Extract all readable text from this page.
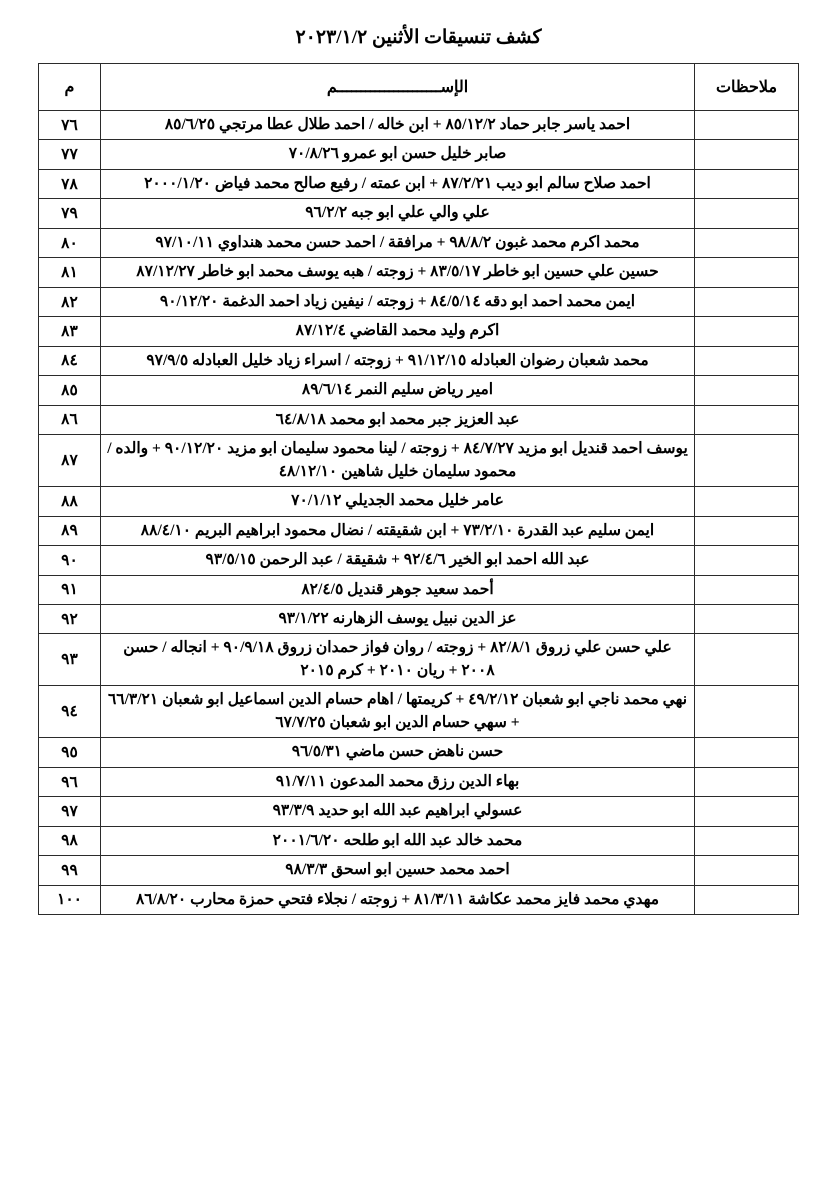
كشف تنسيقات الأثنين ٢٠٢٣/١/٢
ملاحظات	الإســــــــــــــــــــــم	م
	احمد ياسر جابر حماد ٨٥/١٢/٢ + ابن خاله / احمد طلال عطا مرتجي ٨٥/٦/٢٥	٧٦
	صابر خليل حسن ابو عمرو ٧٠/٨/٢٦	٧٧
	احمد صلاح سالم ابو ديب ٨٧/٢/٢١ + ابن عمته / رفيع صالح محمد فياض ٢٠٠٠/١/٢٠	٧٨
	علي والي علي ابو جبه ٩٦/٢/٢	٧٩
	محمد اكرم محمد غبون ٩٨/٨/٢ + مرافقة / احمد حسن محمد هنداوي ٩٧/١٠/١١	٨٠
	حسين علي حسين ابو خاطر ٨٣/٥/١٧ + زوجته / هبه يوسف محمد ابو خاطر ٨٧/١٢/٢٧	٨١
	ايمن محمد احمد ابو دقه ٨٤/٥/١٤ + زوجته / نيفين زياد احمد الدغمة ٩٠/١٢/٢٠	٨٢
	اكرم وليد محمد القاضي ٨٧/١٢/٤	٨٣
	محمد شعبان رضوان العبادله ٩١/١٢/١٥ + زوجته / اسراء زياد خليل العبادله ٩٧/٩/٥	٨٤
	امير رياض سليم النمر ٨٩/٦/١٤	٨٥
	عبد العزيز جبر محمد ابو محمد ٦٤/٨/١٨	٨٦
	يوسف احمد قنديل ابو مزيد ٨٤/٧/٢٧ + زوجته / لينا محمود سليمان ابو مزيد ٩٠/١٢/٢٠ + والده / محمود سليمان خليل شاهين ٤٨/١٢/١٠	٨٧
	عامر خليل محمد الجديلي ٧٠/١/١٢	٨٨
	ايمن سليم عبد القدرة ٧٣/٢/١٠ + ابن شقيقته / نضال محمود ابراهيم البريم ٨٨/٤/١٠	٨٩
	عبد الله احمد ابو الخير ٩٢/٤/٦ + شقيقة / عبد الرحمن ٩٣/٥/١٥	٩٠
	أحمد سعيد جوهر قنديل ٨٢/٤/٥	٩١
	عز الدين نبيل يوسف الزهارنه ٩٣/١/٢٢	٩٢
	علي حسن علي زروق ٨٢/٨/١ + زوجته / روان فواز حمدان زروق ٩٠/٩/١٨ + انجاله / حسن ٢٠٠٨ + ريان ٢٠١٠ + كرم ٢٠١٥	٩٣
	نهي محمد ناجي ابو شعبان ٤٩/٢/١٢ + كريمتها / اهام حسام الدين اسماعيل ابو شعبان ٦٦/٣/٢١ + سهي حسام الدين ابو شعبان ٦٧/٧/٢٥	٩٤
	حسن ناهض حسن ماضي ٩٦/٥/٣١	٩٥
	بهاء الدين رزق محمد المدعون ٩١/٧/١١	٩٦
	عسولي ابراهيم عبد الله ابو حديد ٩٣/٣/٩	٩٧
	محمد خالد عبد الله ابو طلحه ٢٠٠١/٦/٢٠	٩٨
	احمد محمد حسين ابو اسحق ٩٨/٣/٣	٩٩
	مهدي محمد فايز محمد عكاشة ٨١/٣/١١ + زوجته / نجلاء فتحي حمزة محارب ٨٦/٨/٢٠	١٠٠
